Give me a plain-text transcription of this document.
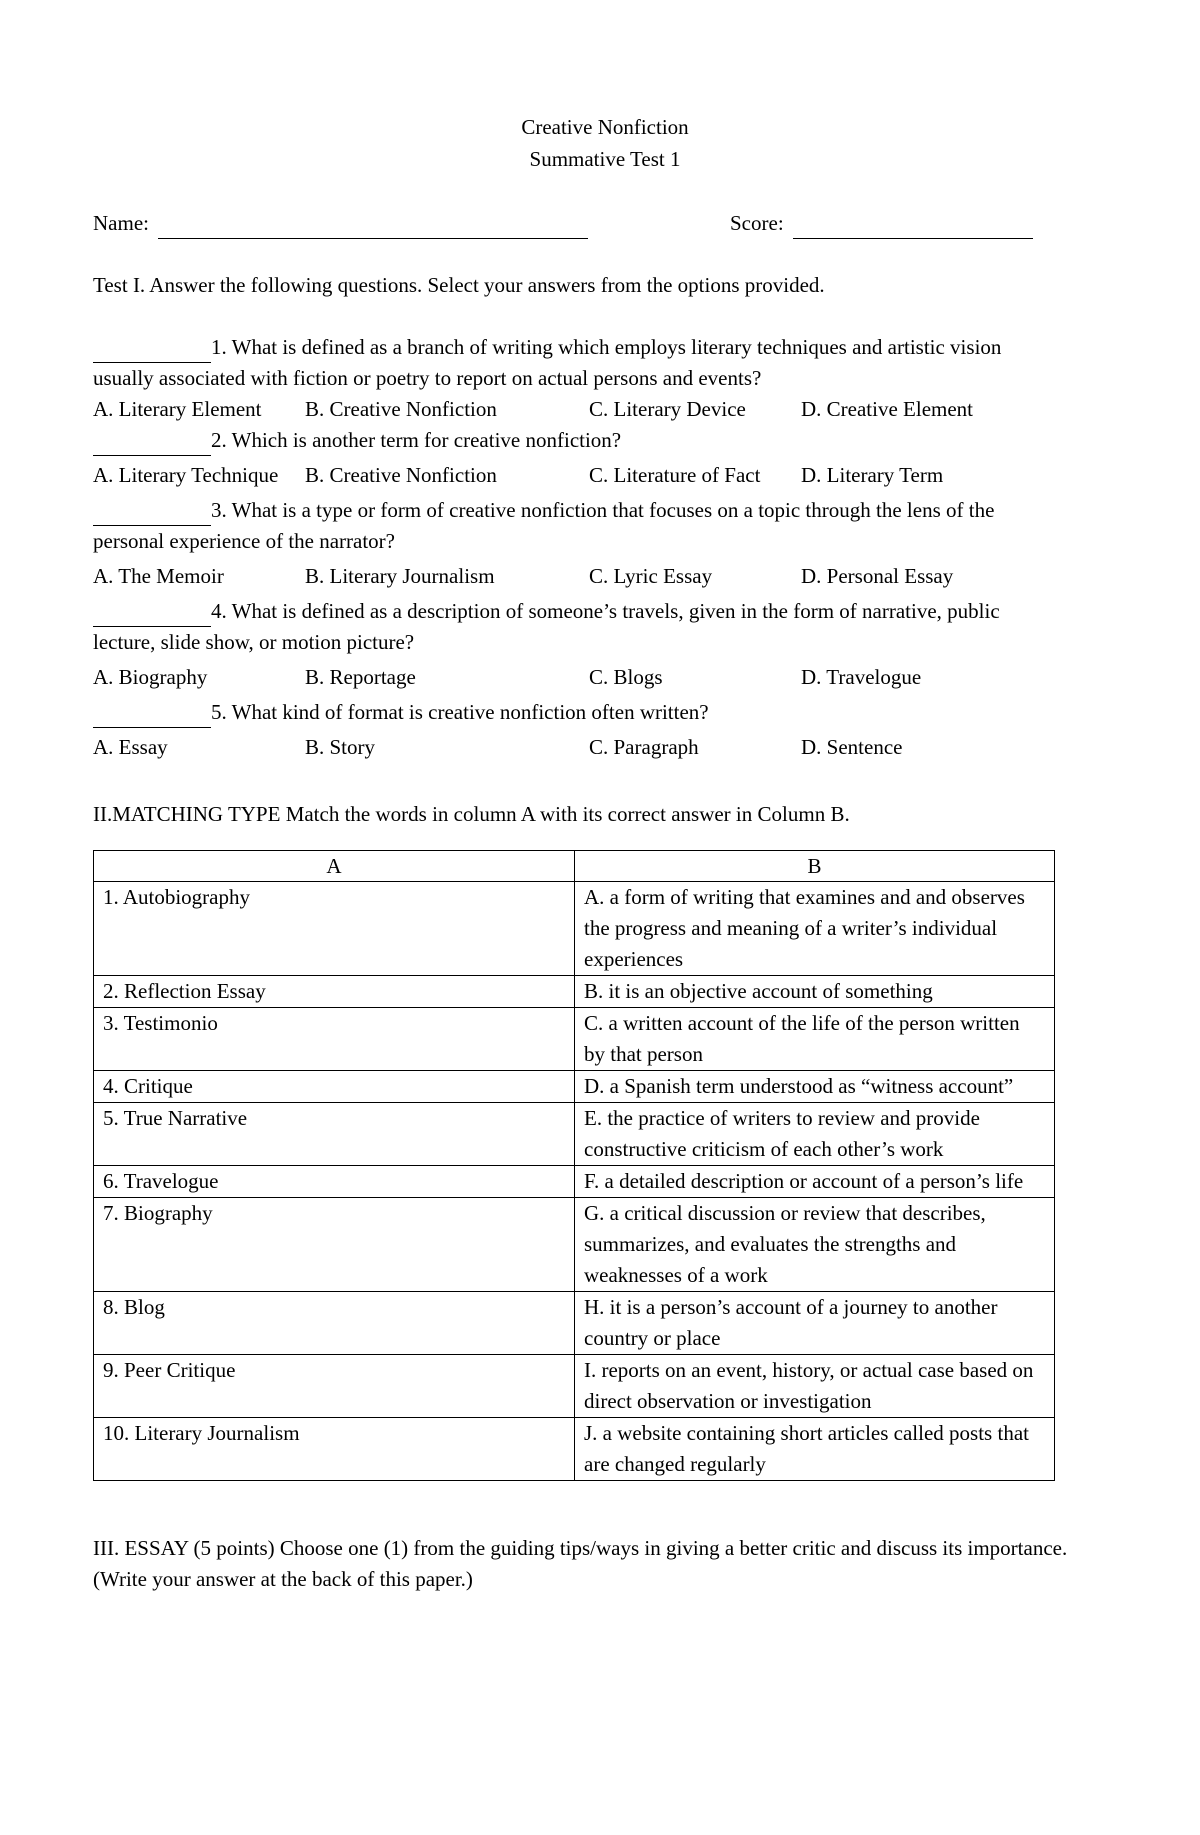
Creative Nonfiction
Summative Test 1
Name:	Score:
Test I. Answer the following questions. Select your answers from the options provided.
1. What is defined as a branch of writing which employs literary techniques and artistic vision usually associated with fiction or poetry to report on actual persons and events?
A. Literary Element B. Creative Nonfiction	C. Literary Device	D. Creative Element
2. Which is another term for creative nonfiction?
A. Literary Technique B. Creative Nonfiction	C. Literature of Fact D. Literary Term
3. What is a type or form of creative nonfiction that focuses on a topic through the lens of the personal experience of the narrator?
A. The Memoir	B. Literary Journalism	C. Lyric Essay	D. Personal Essay
4. What is defined as a description of someone’s travels, given in the form of narrative, public lecture, slide show, or motion picture?
A. Biography	B. Reportage	C. Blogs	D. Travelogue
5. What kind of format is creative nonfiction often written?
A. Essay	B. Story	C. Paragraph	D. Sentence
II.MATCHING TYPE Match the words in column A with its correct answer in Column B.
A	B
1. Autobiography	A. a form of writing that examines and and observes the progress and meaning of a writer’s individual experiences
2. Reflection Essay	B. it is an objective account of something
3. Testimonio	C. a written account of the life of the person written by that person
4. Critique	D. a Spanish term understood as “witness account”
5. True Narrative	E. the practice of writers to review and provide constructive criticism of each other’s work
6. Travelogue	F. a detailed description or account of a person’s life
7. Biography	G. a critical discussion or review that describes, summarizes, and evaluates the strengths and weaknesses of a work
8. Blog	H. it is a person’s account of a journey to another country or place
9. Peer Critique	I. reports on an event, history, or actual case based on direct observation or investigation
10. Literary Journalism	J. a website containing short articles called posts that are changed regularly
III. ESSAY (5 points) Choose one (1) from the guiding tips/ways in giving a better critic and discuss its importance. (Write your answer at the back of this paper.)
